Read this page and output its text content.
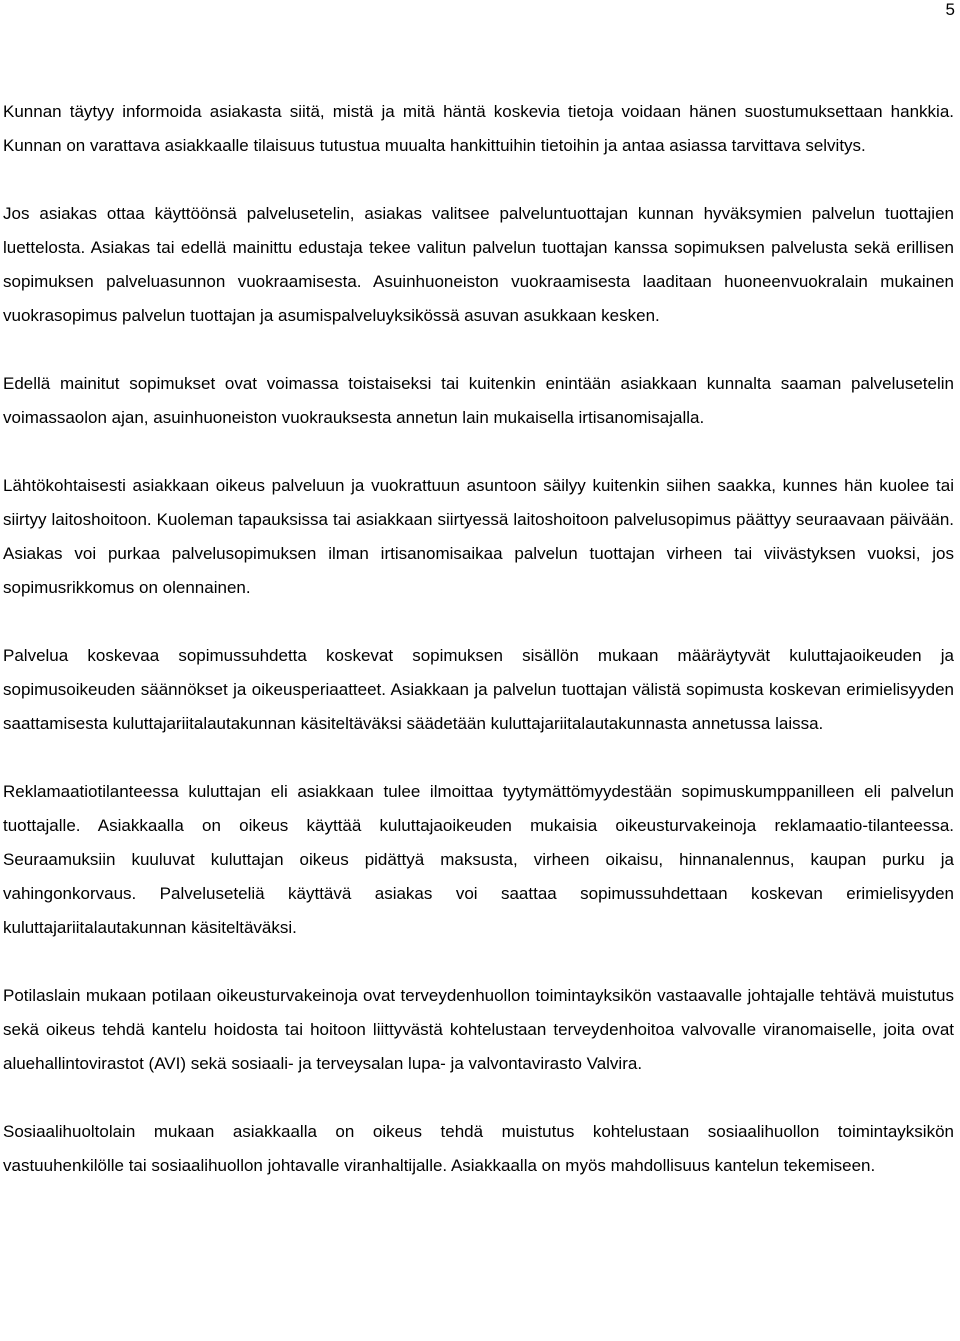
5

Kunnan täytyy informoida asiakasta siitä, mistä ja mitä häntä koskevia tietoja voidaan hänen suostumuksettaan hankkia. Kunnan on varattava asiakkaalle tilaisuus tutustua muualta hankittuihin tietoihin ja antaa asiassa tarvittava selvitys.

Jos asiakas ottaa käyttöönsä palvelusetelin, asiakas valitsee palveluntuottajan kunnan hyväksymien palvelun tuottajien luettelosta. Asiakas tai edellä mainittu edustaja tekee valitun palvelun tuottajan kanssa sopimuksen palvelusta sekä erillisen sopimuksen palveluasunnon vuokraamisesta. Asuinhuoneiston vuokraamisesta laaditaan huoneenvuokralain mukainen vuokrasopimus palvelun tuottajan ja asumispalveluyksikössä asuvan asukkaan kesken.

Edellä mainitut sopimukset ovat voimassa toistaiseksi tai kuitenkin enintään asiakkaan kunnalta saaman palvelusetelin voimassaolon ajan, asuinhuoneiston vuokrauksesta annetun lain mukaisella irtisanomisajalla.

Lähtökohtaisesti asiakkaan oikeus palveluun ja vuokrattuun asuntoon säilyy kuitenkin siihen saakka, kunnes hän kuolee tai siirtyy laitoshoitoon. Kuoleman tapauksissa tai asiakkaan siirtyessä laitoshoitoon palvelusopimus päättyy seuraavaan päivään. Asiakas voi purkaa palvelusopimuksen ilman irtisanomisaikaa palvelun tuottajan virheen tai viivästyksen vuoksi, jos sopimusrikkomus on olennainen.

Palvelua koskevaa sopimussuhdetta koskevat sopimuksen sisällön mukaan määräytyvät kuluttajaoikeuden ja sopimusoikeuden säännökset ja oikeusperiaatteet. Asiakkaan ja palvelun tuottajan välistä sopimusta koskevan erimielisyyden saattamisesta kuluttajariitalautakunnan käsiteltäväksi säädetään kuluttajariitalautakunnasta annetussa laissa.

Reklamaatiotilanteessa kuluttajan eli asiakkaan tulee ilmoittaa tyytymättömyydestään sopimuskumppanilleen eli palvelun tuottajalle. Asiakkaalla on oikeus käyttää kuluttajaoikeuden mukaisia oikeusturvakeinoja reklamaatio-tilanteessa. Seuraamuksiin kuuluvat kuluttajan oikeus pidättyä maksusta, virheen oikaisu, hinnanalennus, kaupan purku ja vahingonkorvaus. Palveluseteliä käyttävä asiakas voi saattaa sopimussuhdettaan koskevan erimielisyyden kuluttajariitalautakunnan käsiteltäväksi.

Potilaslain mukaan potilaan oikeusturvakeinoja ovat terveydenhuollon toimintayksikön vastaavalle johtajalle tehtävä muistutus sekä oikeus tehdä kantelu hoidosta tai hoitoon liittyvästä kohtelustaan terveydenhoitoa valvovalle viranomaiselle, joita ovat aluehallintovirastot (AVI) sekä sosiaali- ja terveysalan lupa- ja valvontavirasto Valvira.

Sosiaalihuoltolain mukaan asiakkaalla on oikeus tehdä muistutus kohtelustaan sosiaalihuollon toimintayksikön vastuuhenkilölle tai sosiaalihuollon johtavalle viranhaltijalle. Asiakkaalla on myös mahdollisuus kantelun tekemiseen.
